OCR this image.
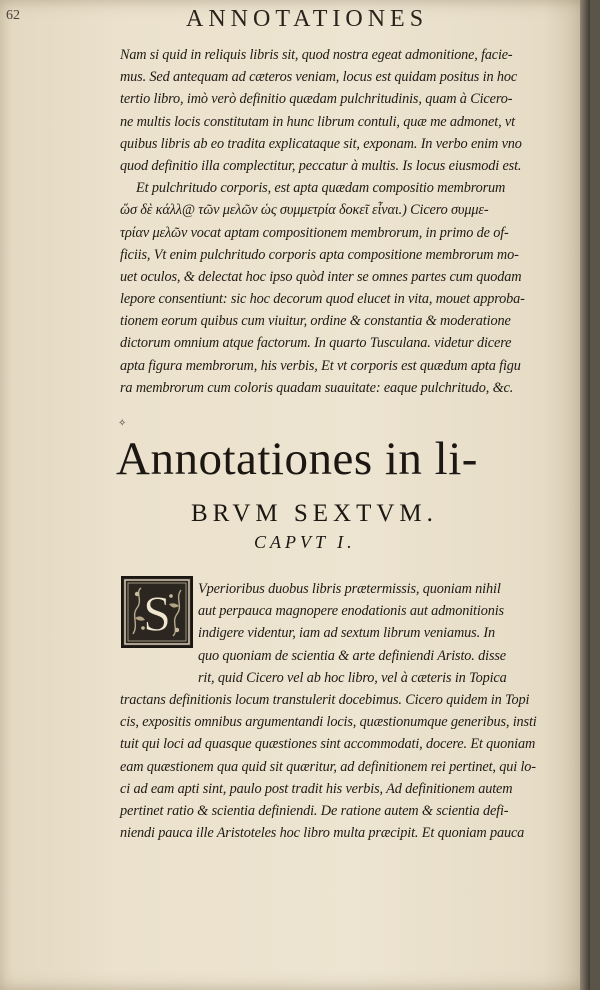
62	ANNOTATIONES
Nam si quid in reliquis libris sit, quod nostra egeat admonitione, facie-
mus. Sed antequam ad cæteros veniam, locus est quidam positus in hoc
tertio libro, imò verò definitio quædam pulchritudinis, quam à Cicero-
ne multis locis constitutam in hunc librum contuli, quæ me admonet, vt
quibus libris ab eo tradita explicataque sit, exponam. In verbo enim vno
quod definitio illa complectitur, peccatur à multis. Is locus eiusmodi est.
Et pulchritudo corporis, est apta quædam compositio membrorum
ὥσ δὲ κάλλ@ τῶν μελῶν ὡς συμμετρία δοκεῖ εἶναι.) Cicero συμμε-
τρίαν μελῶν vocat aptam compositionem membrorum, in primo de of-
ficiis, Vt enim pulchritudo corporis apta compositione membrorum mo-
uet oculos, & delectat hoc ipso quòd inter se omnes partes cum quodam
lepore consentiunt: sic hoc decorum quod elucet in vita, mouet approba-
tionem eorum quibus cum viuitur, ordine & constantia & moderatione
dictorum omnium atque factorum. In quarto Tusculana. videtur dicere
apta figura membrorum, his verbis, Et vt corporis est quædum apta figu
ra membrorum cum coloris quadam suauitate: eaque pulchritudo, &c.
✧
Annotationes in li-
BRVM SEXTVM.
CAPVT I.
S	Vperioribus duobus libris prætermissis, quoniam nihil
aut perpauca magnopere enodationis aut admonitionis
indigere videntur, iam ad sextum librum veniamus. In
quo quoniam de scientia & arte definiendi Aristo. disse
rit, quid Cicero vel ab hoc libro, vel à cæteris in Topica
tractans definitionis locum transtulerit docebimus. Cicero quidem in Topi
cis, expositis omnibus argumentandi locis, quæstionumque generibus, insti
tuit qui loci ad quasque quæstiones sint accommodati, docere. Et quoniam
eam quæstionem qua quid sit quæritur, ad definitionem rei pertinet, qui lo-
ci ad eam apti sint, paulo post tradit his verbis, Ad definitionem autem
pertinet ratio & scientia definiendi. De ratione autem & scientia defi-
niendi pauca ille Aristoteles hoc libro multa præcipit. Et quoniam pauca
